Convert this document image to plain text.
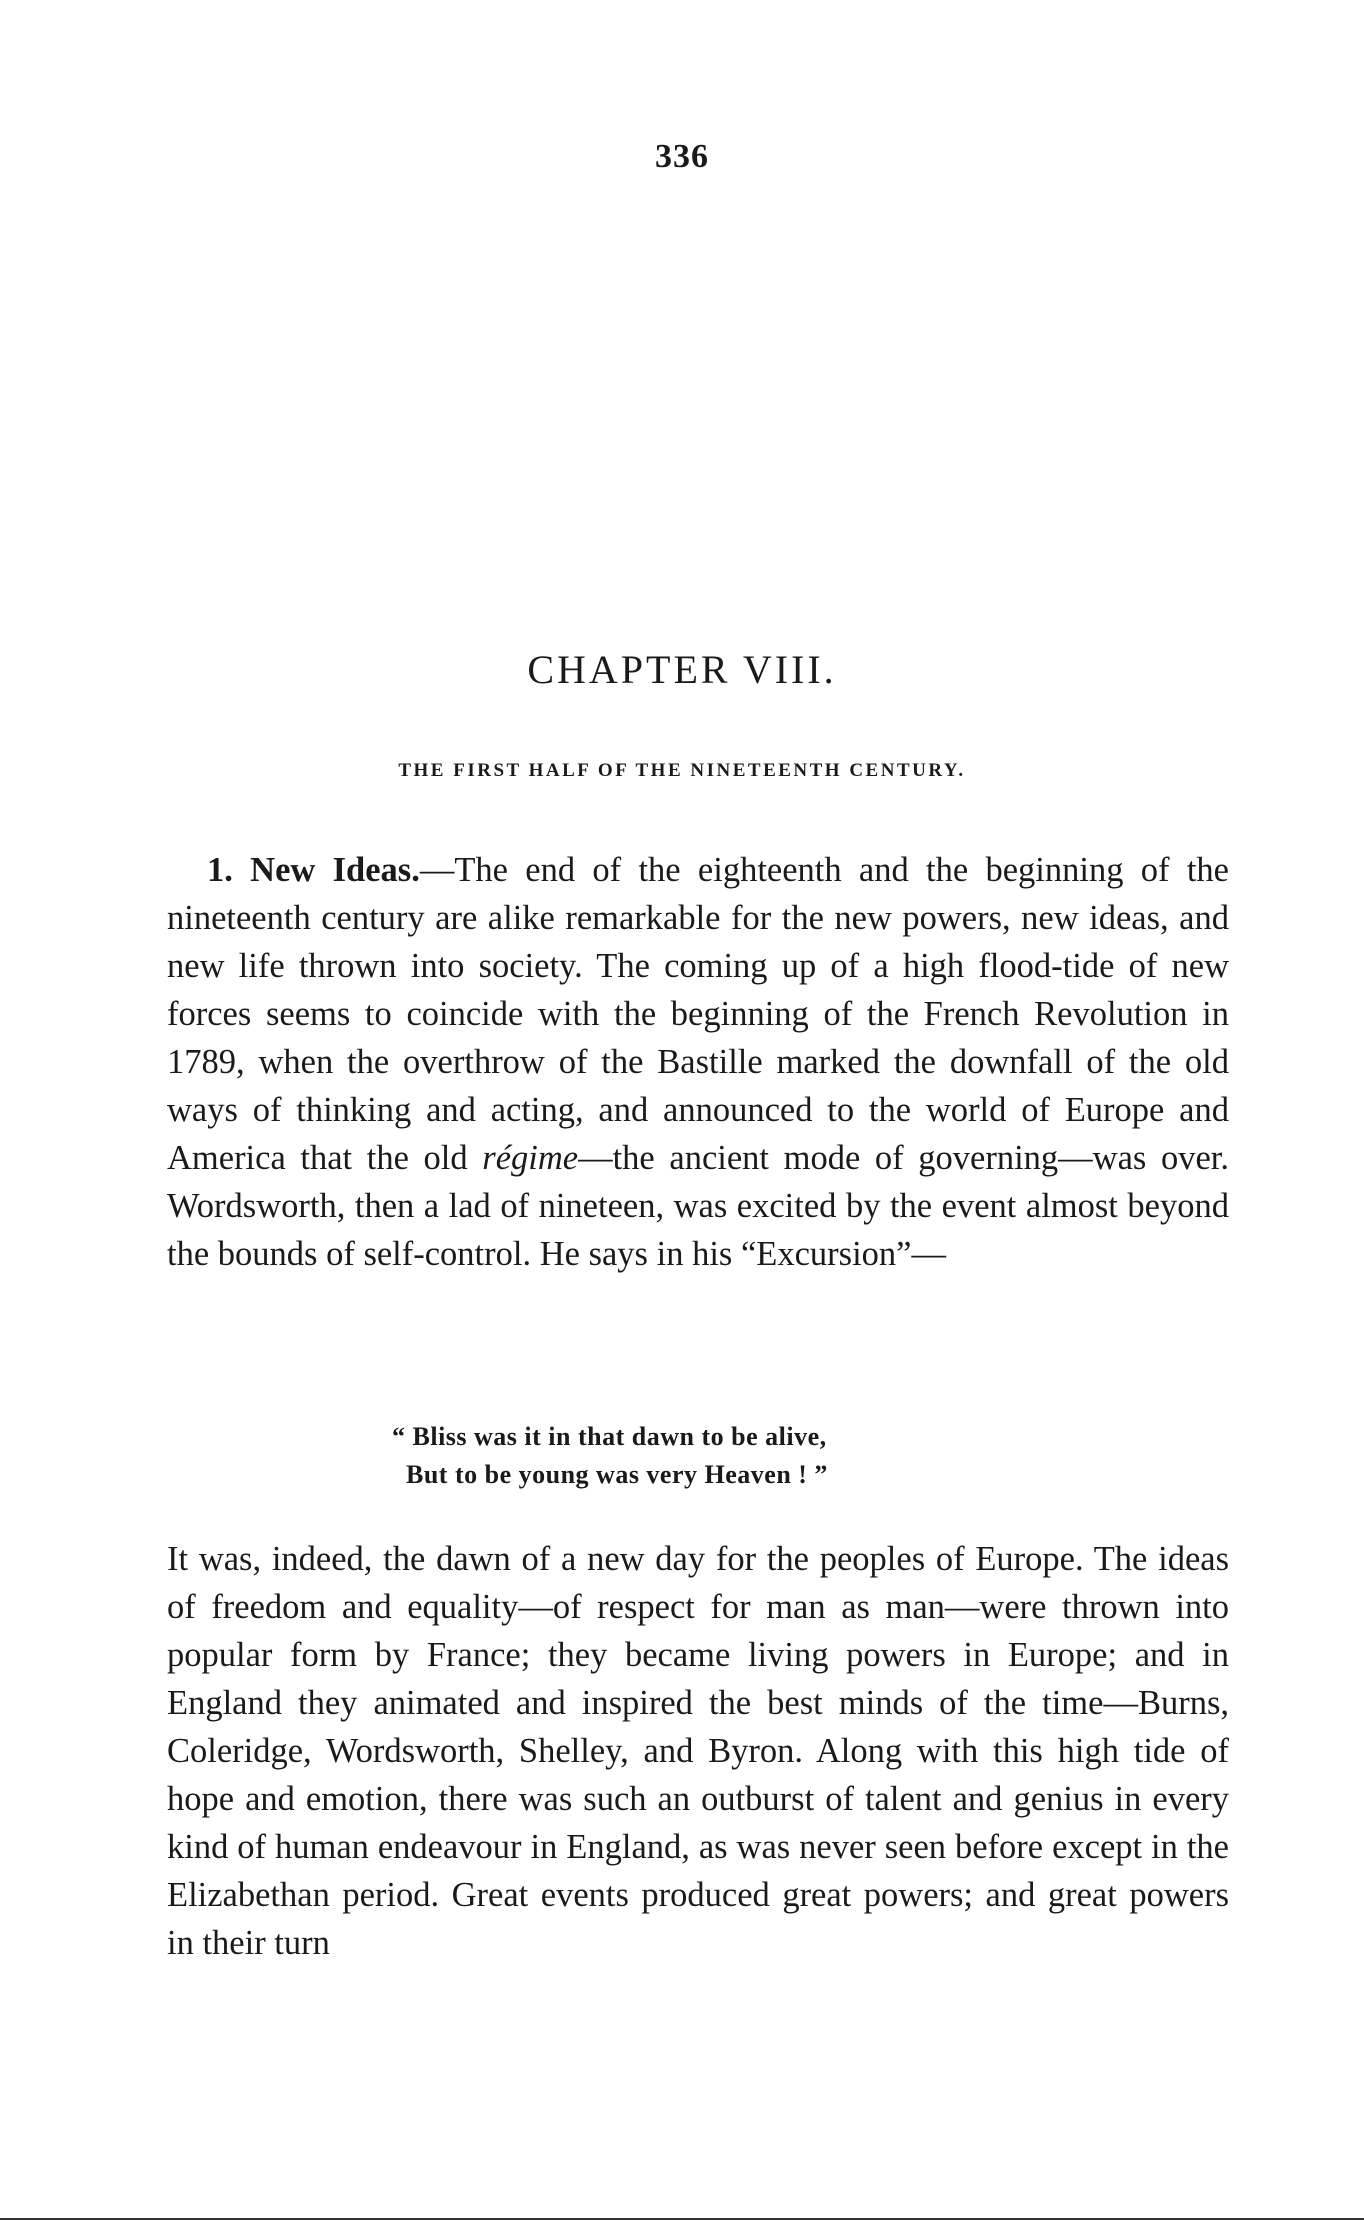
336
CHAPTER VIII.
THE FIRST HALF OF THE NINETEENTH CENTURY.

1. New Ideas.—The end of the eighteenth and the beginning of the nineteenth century are alike remarkable for the new powers, new ideas, and new life thrown into society. The coming up of a high flood-tide of new forces seems to coincide with the beginning of the French Revolution in 1789, when the overthrow of the Bastille marked the downfall of the old ways of thinking and acting, and announced to the world of Europe and America that the old régime—the ancient mode of governing—was over. Wordsworth, then a lad of nineteen, was excited by the event almost beyond the bounds of self-control. He says in his “Excursion”—

“ Bliss was it in that dawn to be alive,
But to be young was very Heaven ! ”

It was, indeed, the dawn of a new day for the peoples of Europe. The ideas of freedom and equality—of respect for man as man—were thrown into popular form by France; they became living powers in Europe; and in England they animated and inspired the best minds of the time—Burns, Coleridge, Wordsworth, Shelley, and Byron. Along with this high tide of hope and emotion, there was such an outburst of talent and genius in every kind of human endeavour in England, as was never seen before except in the Elizabethan period. Great events produced great powers; and great powers in their turn
